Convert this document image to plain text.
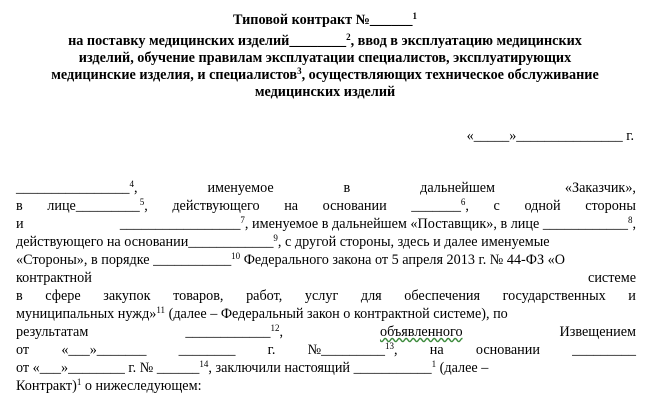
Типовой контракт №______$^1$
на поставку медицинских изделий________$^2$, ввод в эксплуатацию медицинских
изделий, обучение правилам эксплуатации специалистов, эксплуатирующих
медицинские изделия, и специалистов$^3$, осуществляющих техническое обслуживание
медицинских изделий
«_____»_______________ г.
________________$^4$,	именуемое	в	дальнейшем	«Заказчик»,
в лице_________$^5$, действующего на основании _______$^6$, с одной стороны
и	_________________$^7$, именуемое в дальнейшем «Поставщик», в лице ____________$^8$,
действующего на основании____________$^9$, с другой стороны, здесь и далее именуемые
«Стороны», в порядке ___________$^{10}$ Федерального закона от 5 апреля 2013 г. № 44-ФЗ «О
контрактной	системе
в сфере закупок товаров, работ, услуг для обеспечения государственных и
муниципальных нужд»$^{11}$ (далее – Федеральный закон о контрактной системе), по
результатам	____________$^{12}$,	объявленного	Извещением
от «___»_______ ________ г. №_________$^{13}$, на основании _________
от «___»________ г. № ______$^{14}$, заключили настоящий ___________$^1$ (далее –
Контракт)$^1$ о нижеследующем:
